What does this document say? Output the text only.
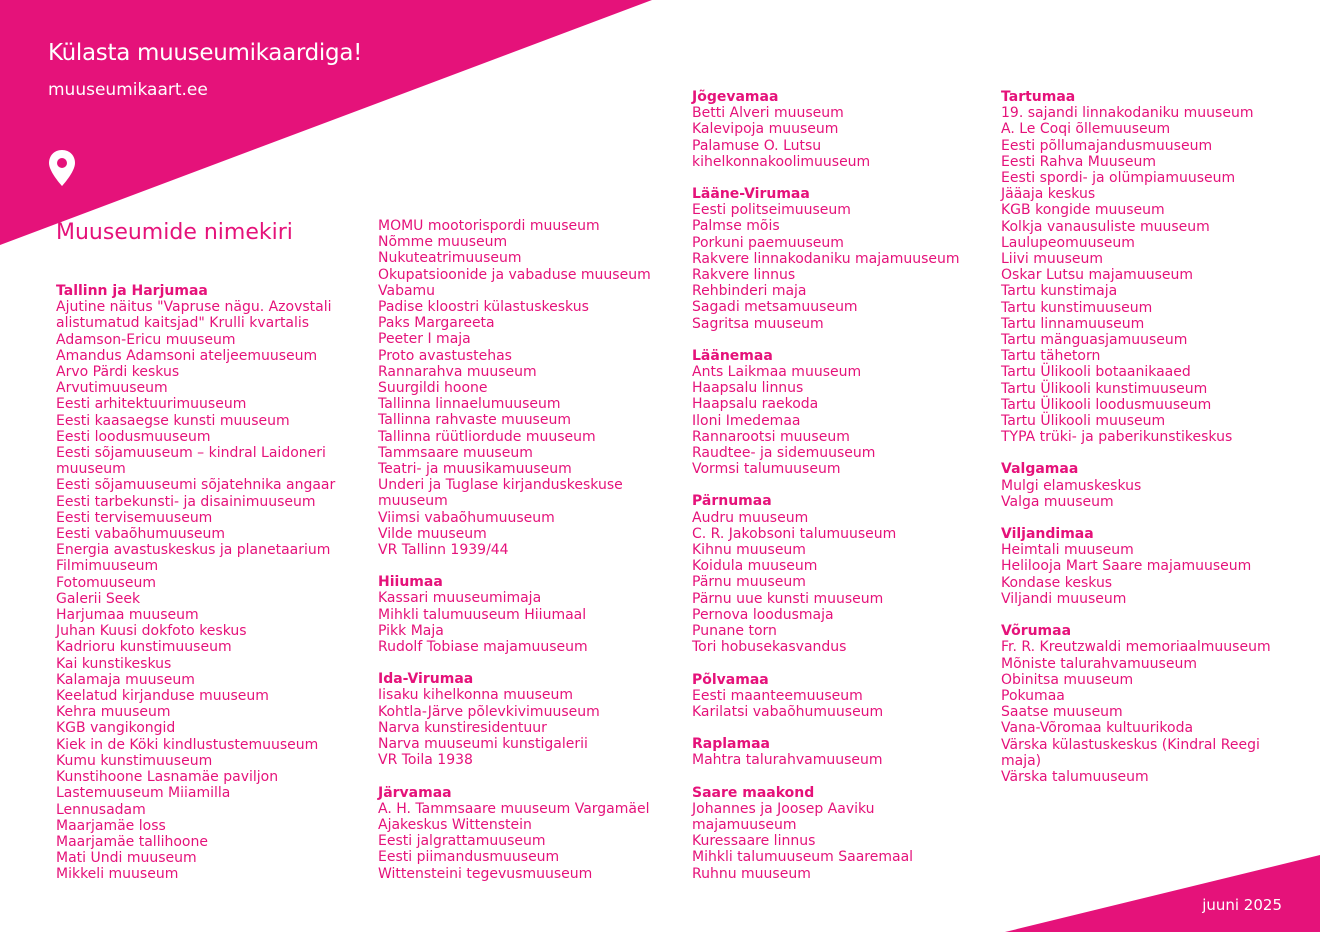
Külasta muuseumikaardiga!
muuseumikaart.ee
Muuseumide nimekiri
Tallinn ja Harjumaa
Ajutine näitus "Vapruse nägu. Azovstali alistumatud kaitsjad" Krulli kvartalis
Adamson-Ericu muuseum
Amandus Adamsoni ateljeemuuseum
Arvo Pärdi keskus
Arvutimuuseum
Eesti arhitektuurimuuseum
Eesti kaasaegse kunsti muuseum
Eesti loodusmuuseum
Eesti sõjamuuseum – kindral Laidoneri muuseum
Eesti sõjamuuseumi sõjatehnika angaar
Eesti tarbekunsti- ja disainimuuseum
Eesti tervisemuuseum
Eesti vabaõhumuuseum
Energia avastuskeskus ja planetaarium
Filmimuuseum
Fotomuuseum
Galerii Seek
Harjumaa muuseum
Juhan Kuusi dokfoto keskus
Kadrioru kunstimuuseum
Kai kunstikeskus
Kalamaja muuseum
Keelatud kirjanduse muuseum
Kehra muuseum
KGB vangikongid
Kiek in de Köki kindlustustemuuseum
Kumu kunstimuuseum
Kunstihoone Lasnamäe paviljon
Lastemuuseum Miiamilla
Lennusadam
Maarjamäe loss
Maarjamäe tallihoone
Mati Undi muuseum
Mikkeli muuseum
MOMU mootorispordi muuseum
Nõmme muuseum
Nukuteatrimuuseum
Okupatsioonide ja vabaduse muuseum
Vabamu
Padise kloostri külastuskeskus
Paks Margareeta
Peeter I maja
Proto avastustehas
Rannarahva muuseum
Suurgildi hoone
Tallinna linnaelumuuseum
Tallinna rahvaste muuseum
Tallinna rüütliordude muuseum
Tammsaare muuseum
Teatri- ja muusikamuuseum
Underi ja Tuglase kirjanduskeskuse muuseum
Viimsi vabaõhumuuseum
Vilde muuseum
VR Tallinn 1939/44
Hiiumaa
Kassari muuseumimaja
Mihkli talumuuseum Hiiumaal
Pikk Maja
Rudolf Tobiase majamuuseum
Ida-Virumaa
Iisaku kihelkonna muuseum
Kohtla-Järve põlevkivimuuseum
Narva kunstiresidentuur
Narva muuseumi kunstigalerii
VR Toila 1938
Järvamaa
A. H. Tammsaare muuseum Vargamäel
Ajakeskus Wittenstein
Eesti jalgrattamuuseum
Eesti piimandusmuuseum
Wittensteini tegevusmuuseum
Jõgevamaa
Betti Alveri muuseum
Kalevipoja muuseum
Palamuse O. Lutsu kihelkonnakoolimuuseum
Lääne-Virumaa
Eesti politseimuuseum
Palmse mõis
Porkuni paemuuseum
Rakvere linnakodaniku majamuuseum
Rakvere linnus
Rehbinderi maja
Sagadi metsamuuseum
Sagritsa muuseum
Läänemaa
Ants Laikmaa muuseum
Haapsalu linnus
Haapsalu raekoda
Iloni Imedemaa
Rannarootsi muuseum
Raudtee- ja sidemuuseum
Vormsi talumuuseum
Pärnumaa
Audru muuseum
C. R. Jakobsoni talumuuseum
Kihnu muuseum
Koidula muuseum
Pärnu muuseum
Pärnu uue kunsti muuseum
Pernova loodusmaja
Punane torn
Tori hobusekasvandus
Põlvamaa
Eesti maanteemuuseum
Karilatsi vabaõhumuuseum
Raplamaa
Mahtra talurahvamuuseum
Saare maakond
Johannes ja Joosep Aaviku majamuuseum
Kuressaare linnus
Mihkli talumuuseum Saaremaal
Ruhnu muuseum
Tartumaa
19. sajandi linnakodaniku muuseum
A. Le Coqi õllemuuseum
Eesti põllumajandusmuuseum
Eesti Rahva Muuseum
Eesti spordi- ja olümpiamuuseum
Jääaja keskus
KGB kongide muuseum
Kolkja vanausuliste muuseum
Laulupeomuuseum
Liivi muuseum
Oskar Lutsu majamuuseum
Tartu kunstimaja
Tartu kunstimuuseum
Tartu linnamuuseum
Tartu mänguasjamuuseum
Tartu tähetorn
Tartu Ülikooli botaanikaaed
Tartu Ülikooli kunstimuuseum
Tartu Ülikooli loodusmuuseum
Tartu Ülikooli muuseum
TYPA trüki- ja paberikunstikeskus
Valgamaa
Mulgi elamuskeskus
Valga muuseum
Viljandimaa
Heimtali muuseum
Helilooja Mart Saare majamuuseum
Kondase keskus
Viljandi muuseum
Võrumaa
Fr. R. Kreutzwaldi memoriaalmuuseum
Mõniste talurahvamuuseum
Obinitsa muuseum
Pokumaa
Saatse muuseum
Vana-Võromaa kultuurikoda
Värska külastuskeskus (Kindral Reegi maja)
Värska talumuuseum
juuni 2025
